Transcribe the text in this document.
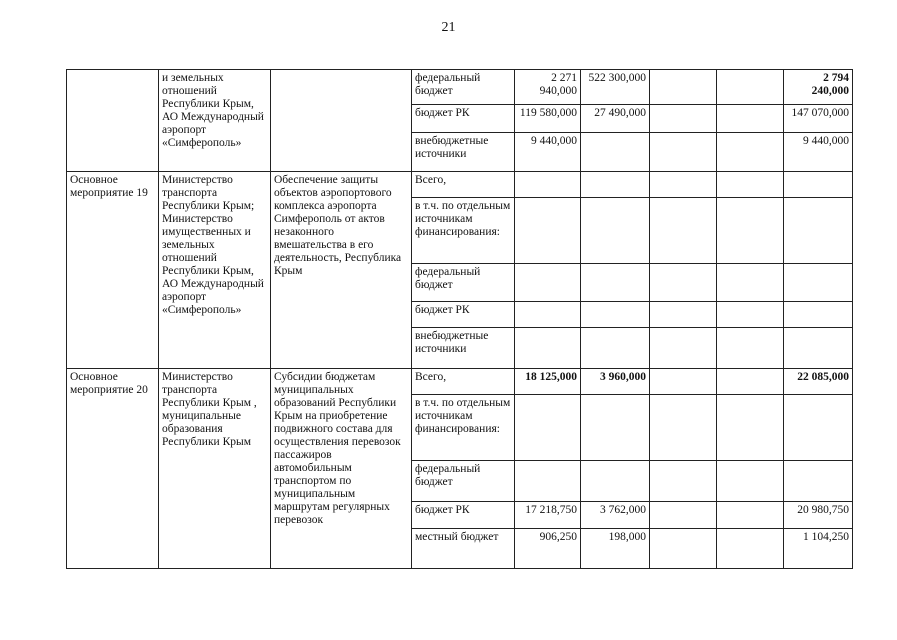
21
	и земельных отношений Республики Крым, АО Международный аэропорт «Симферополь»		федеральный бюджет	2 271 940,000	522 300,000			2 794 240,000
			бюджет РК	119 580,000	27 490,000			147 070,000
			внебюджетные источники	9 440,000				9 440,000
Основное мероприятие 19	Министерство транспорта Республики Крым; Министерство имущественных и земельных отношений Республики Крым, АО Международный аэропорт «Симферополь»	Обеспечение защиты объектов аэропортового комплекса аэропорта Симферополь от актов незаконного вмешательства в его деятельность, Республика Крым	Всего,					
			в т.ч. по отдельным источникам финансирования:					
			федеральный бюджет					
			бюджет РК					
			внебюджетные источники					
Основное мероприятие 20	Министерство транспорта Республики Крым , муниципальные образования Республики Крым	Субсидии бюджетам муниципальных образований Республики Крым на приобретение подвижного состава для осуществления перевозок пассажиров автомобильным транспортом по муниципальным маршрутам регулярных перевозок	Всего,	18 125,000	3 960,000			22 085,000
			в т.ч. по отдельным источникам финансирования:					
			федеральный бюджет					
			бюджет РК	17 218,750	3 762,000			20 980,750
			местный бюджет	906,250	198,000			1 104,250
